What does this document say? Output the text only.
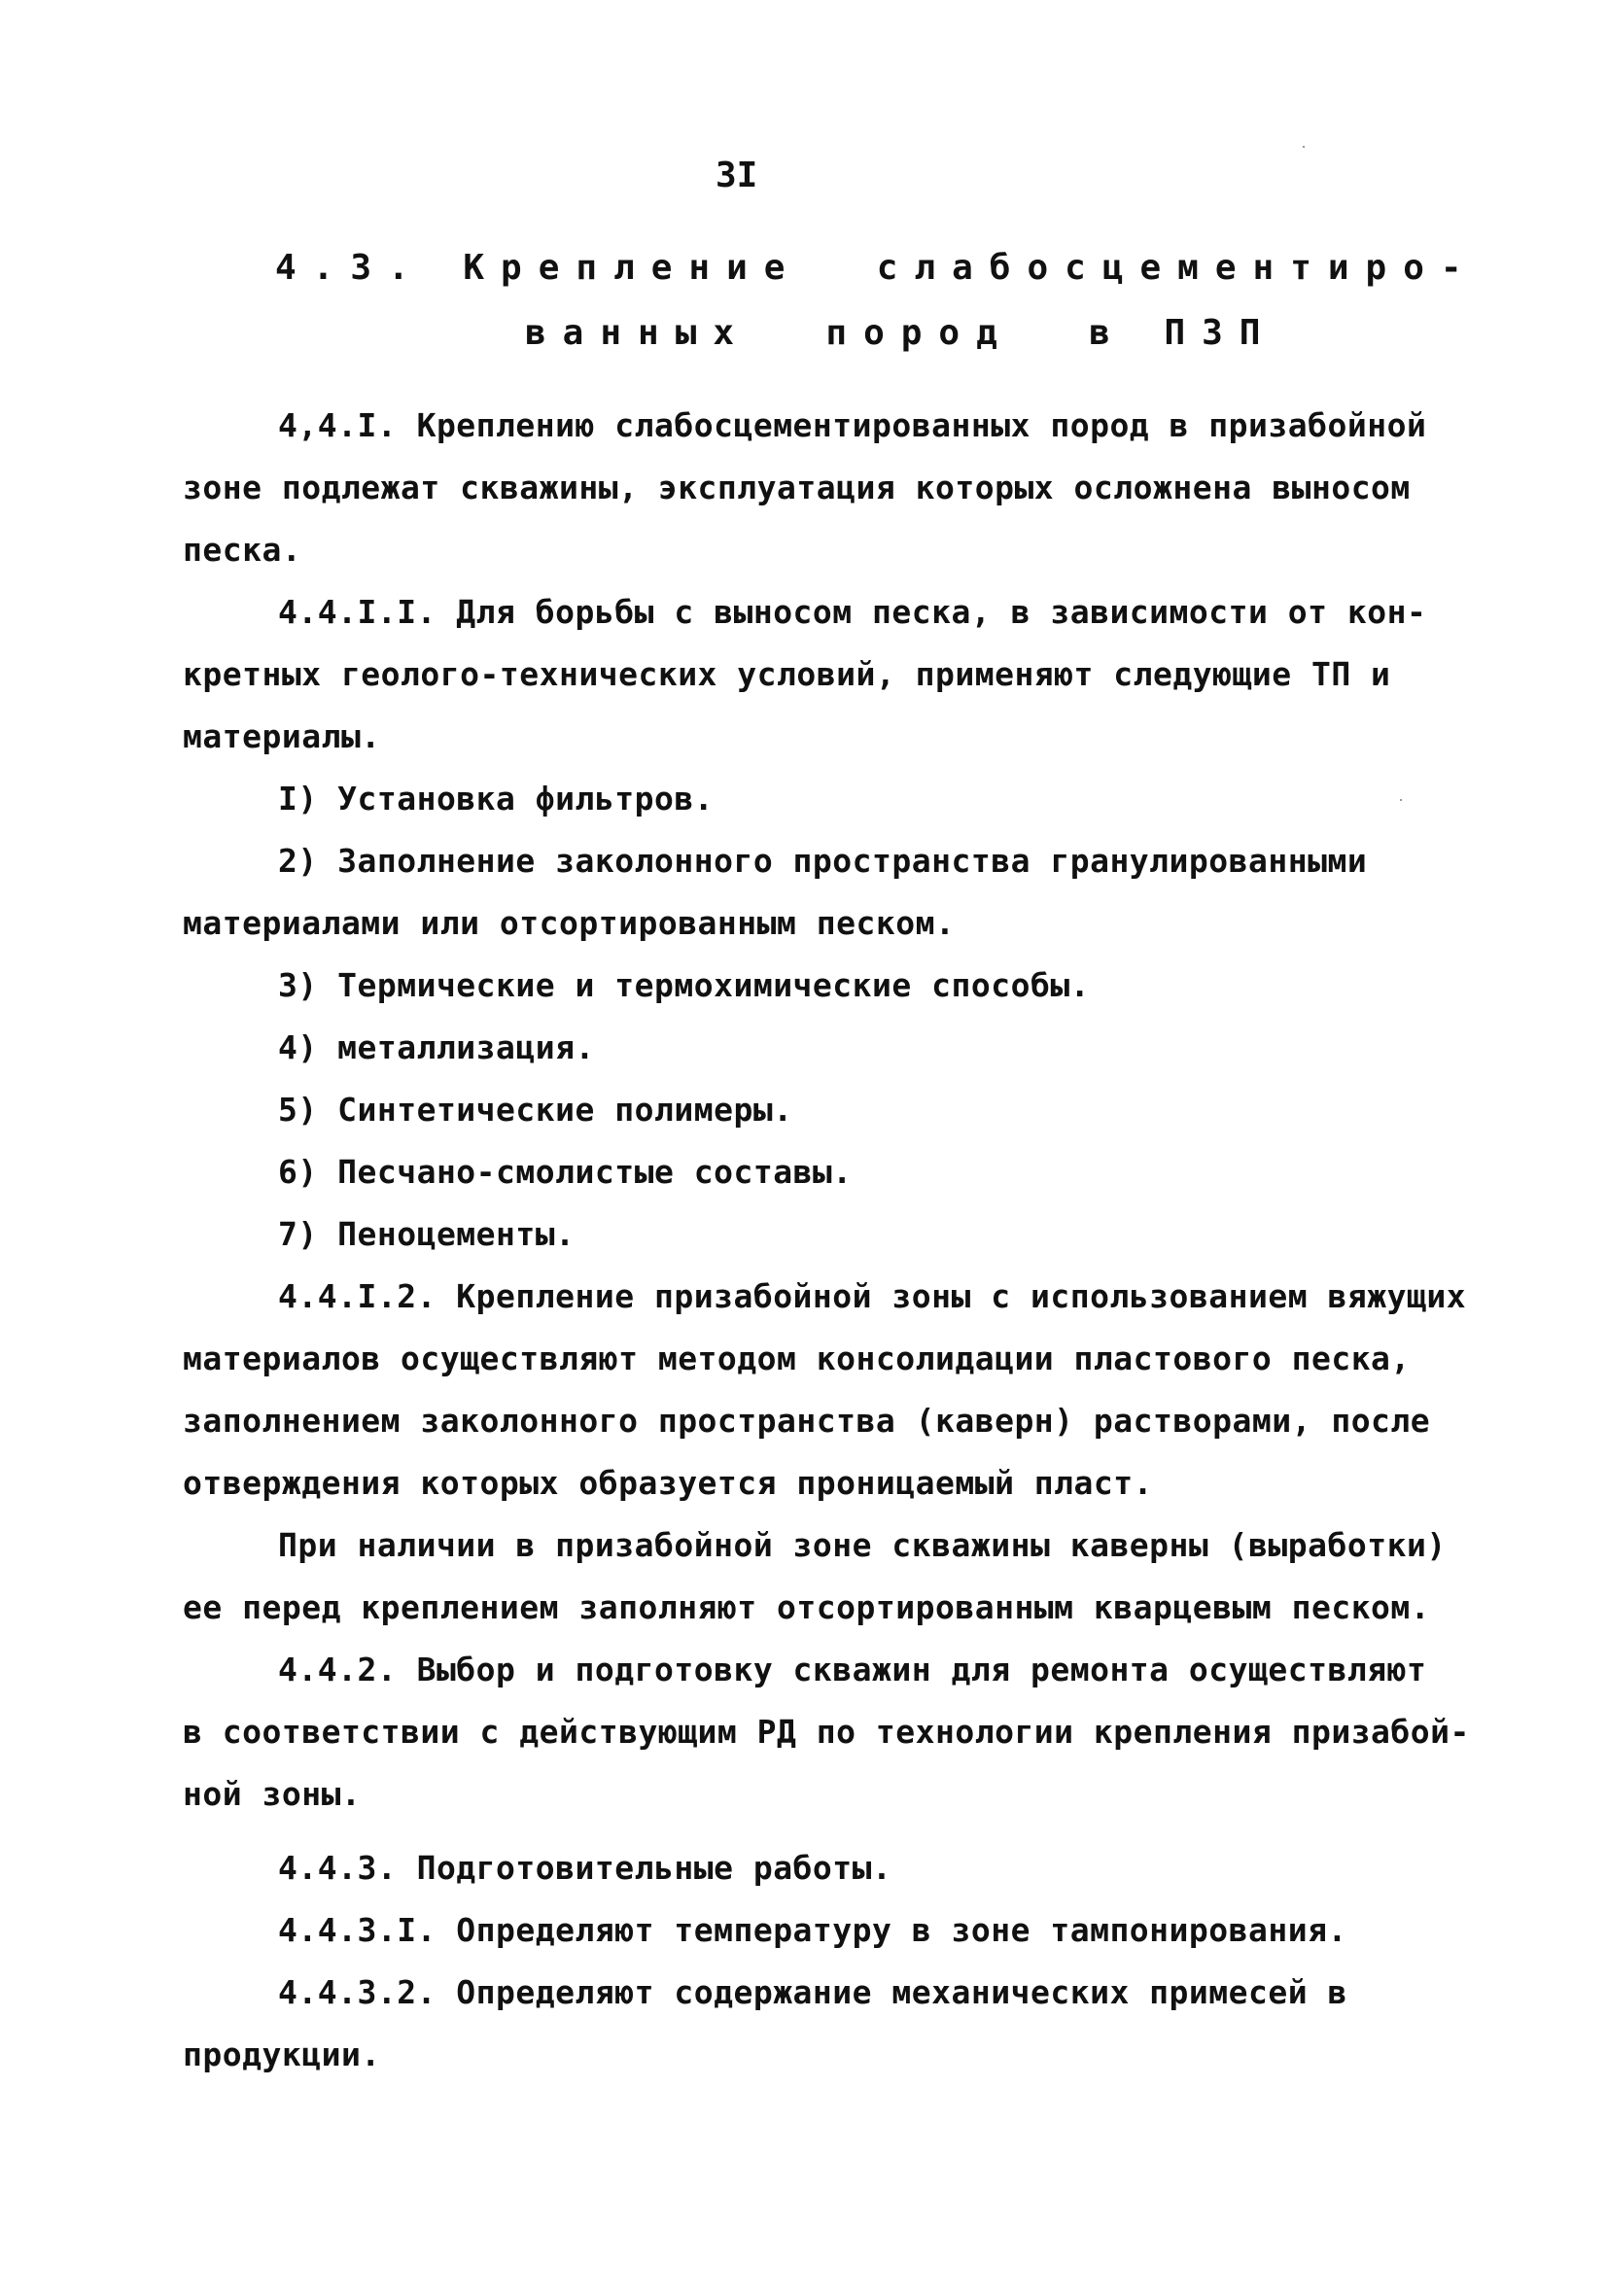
3I
4.3. Крепление  слабосцементиро-
ванных  пород  в ПЗП
4,4.I. Креплению слабосцементированных пород в призабойной
зоне подлежат скважины, эксплуатация которых осложнена выносом
песка.
4.4.I.I. Для борьбы с выносом песка, в зависимости от кон-
кретных геолого-технических условий, применяют следующие ТП и
материалы.
I) Установка фильтров.
2) Заполнение заколонного пространства гранулированными
материалами или отсортированным песком.
3) Термические и термохимические способы.
4) металлизация.
5) Синтетические полимеры.
6) Песчано-смолистые составы.
7) Пеноцементы.
4.4.I.2. Крепление призабойной зоны с использованием вяжущих
материалов осуществляют методом консолидации пластового песка,
заполнением заколонного пространства (каверн) растворами, после
отверждения которых образуется проницаемый пласт.
При наличии в призабойной зоне скважины каверны (выработки)
ее перед креплением заполняют отсортированным кварцевым песком.
4.4.2. Выбор и подготовку скважин для ремонта осуществляют
в соответствии с действующим РД по технологии крепления призабой-
ной зоны.
4.4.3. Подготовительные работы.
4.4.3.I. Определяют температуру в зоне тампонирования.
4.4.3.2. Определяют содержание механических примесей в
продукции.
